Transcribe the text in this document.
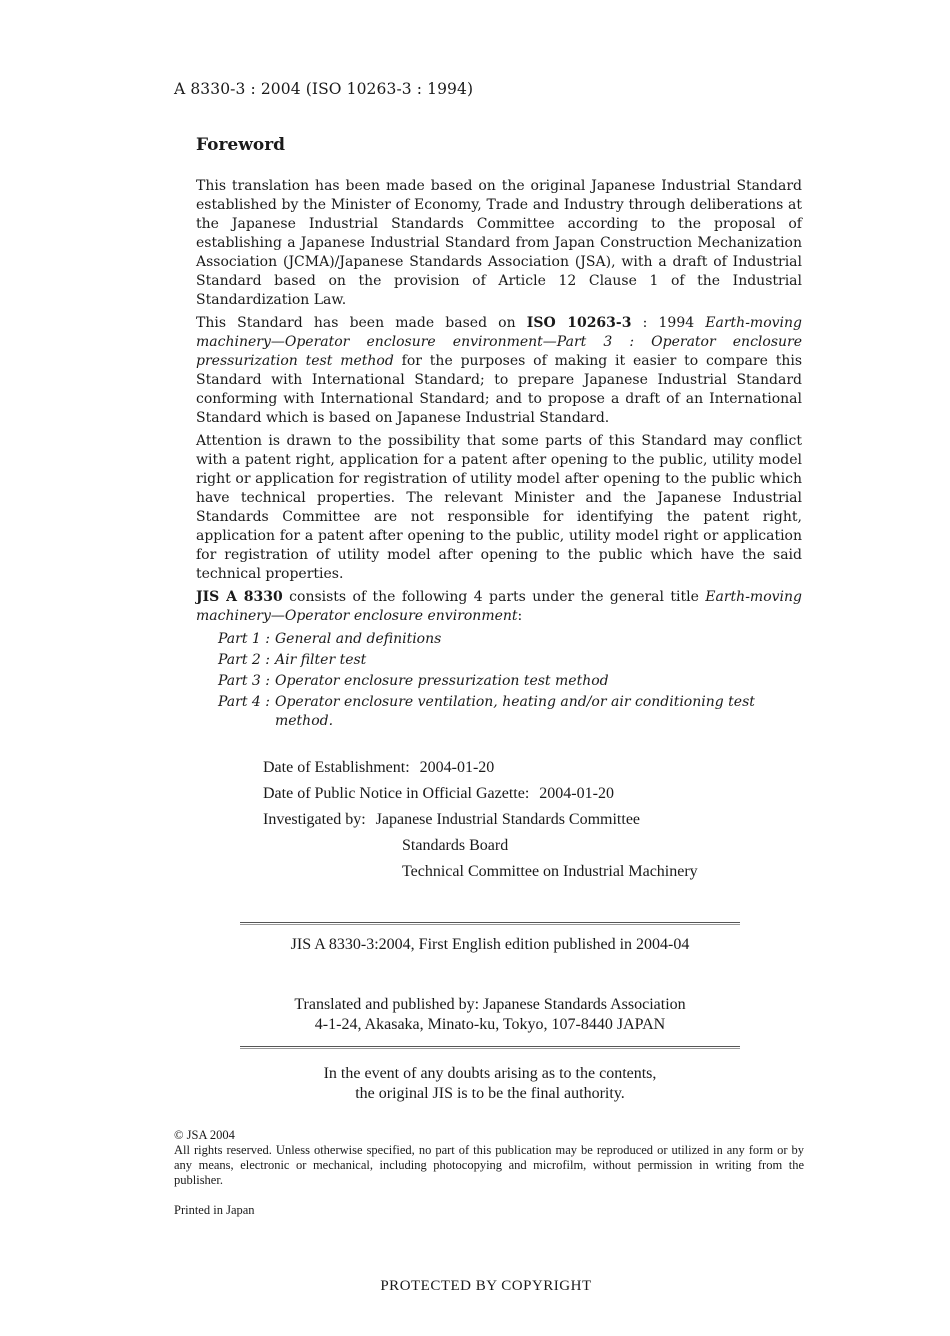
A 8330-3 : 2004 (ISO 10263-3 : 1994)
Foreword

This translation has been made based on the original Japanese Industrial Standard established by the Minister of Economy, Trade and Industry through deliberations at the Japanese Industrial Standards Committee according to the proposal of establishing a Japanese Industrial Standard from Japan Construction Mechanization Association (JCMA)/Japanese Standards Association (JSA), with a draft of Industrial Standard based on the provision of Article 12 Clause 1 of the Industrial Standardization Law.

This Standard has been made based on ISO 10263-3 : 1994 Earth-moving machinery—Operator enclosure environment—Part 3 : Operator enclosure pressurization test method for the purposes of making it easier to compare this Standard with International Standard; to prepare Japanese Industrial Standard conforming with International Standard; and to propose a draft of an International Standard which is based on Japanese Industrial Standard.

Attention is drawn to the possibility that some parts of this Standard may conflict with a patent right, application for a patent after opening to the public, utility model right or application for registration of utility model after opening to the public which have technical properties. The relevant Minister and the Japanese Industrial Standards Committee are not responsible for identifying the patent right, application for a patent after opening to the public, utility model right or application for registration of utility model after opening to the public which have the said technical properties.

JIS A 8330 consists of the following 4 parts under the general title Earth-moving machinery—Operator enclosure environment:

Part 1 : General and definitions
Part 2 : Air filter test
Part 3 : Operator enclosure pressurization test method
Part 4 : Operator enclosure ventilation, heating and/or air conditioning test method.
Date of Establishment: 2004-01-20
Date of Public Notice in Official Gazette: 2004-01-20
Investigated by: Japanese Industrial Standards Committee
Standards Board
Technical Committee on Industrial Machinery
JIS A 8330-3:2004, First English edition published in 2004-04
Translated and published by: Japanese Standards Association
4-1-24, Akasaka, Minato-ku, Tokyo, 107-8440 JAPAN
In the event of any doubts arising as to the contents,
the original JIS is to be the final authority.
© JSA 2004
All rights reserved. Unless otherwise specified, no part of this publication may be reproduced or utilized in any form or by any means, electronic or mechanical, including photocopying and microfilm, without permission in writing from the publisher.
Printed in Japan
PROTECTED BY COPYRIGHT
